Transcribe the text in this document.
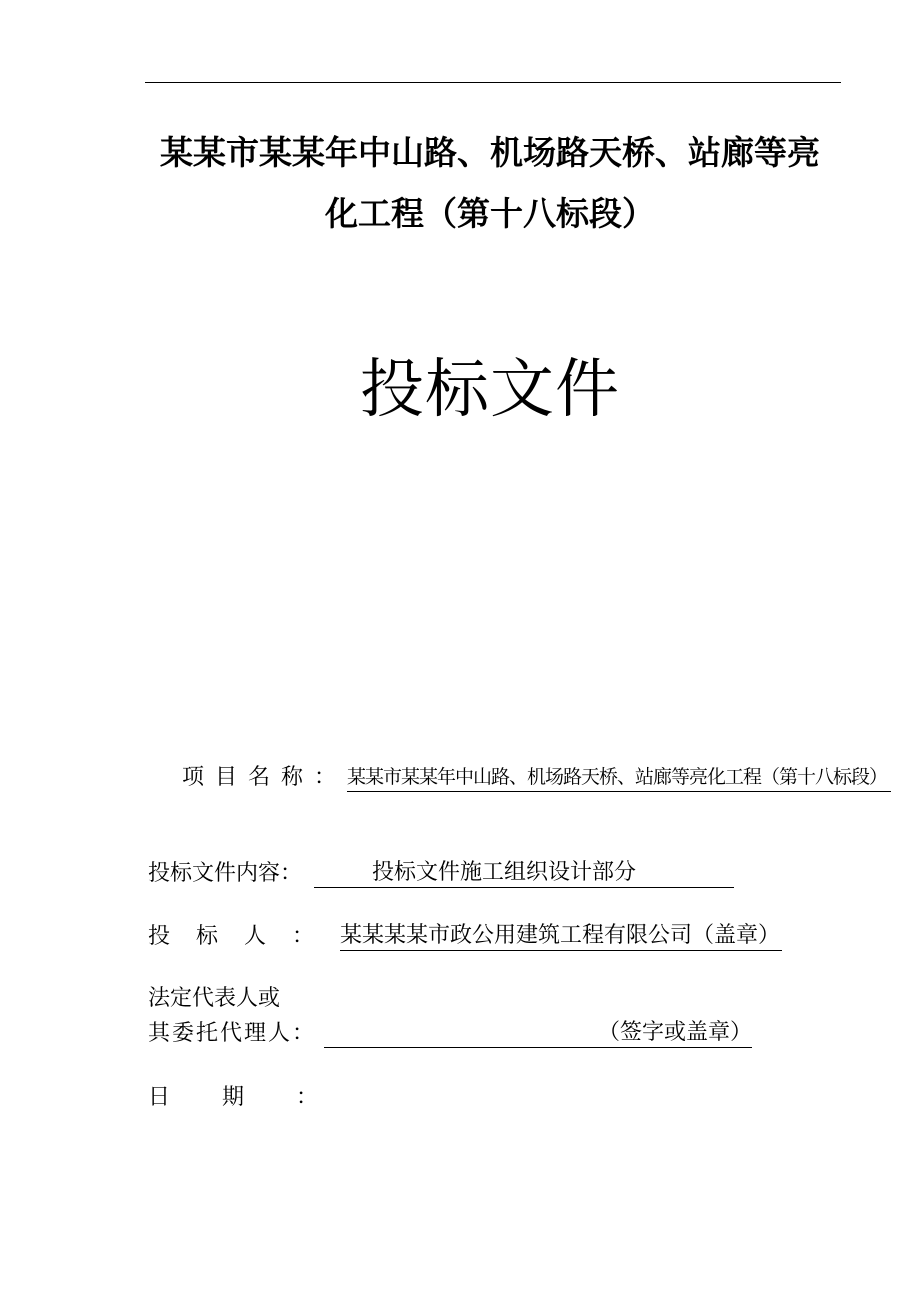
某某市某某年中山路、机场路天桥、站廊等亮
化工程（第十八标段）
投标文件
项目名称：某某市某某年中山路、机场路天桥、站廊等亮化工程（第十八标段）
投标文件内容：	投标文件施工组织设计部分
投标人：某某某某市政公用建筑工程有限公司（盖章）
法定代表人或
其委托代理人：	（签字或盖章）
日期：
